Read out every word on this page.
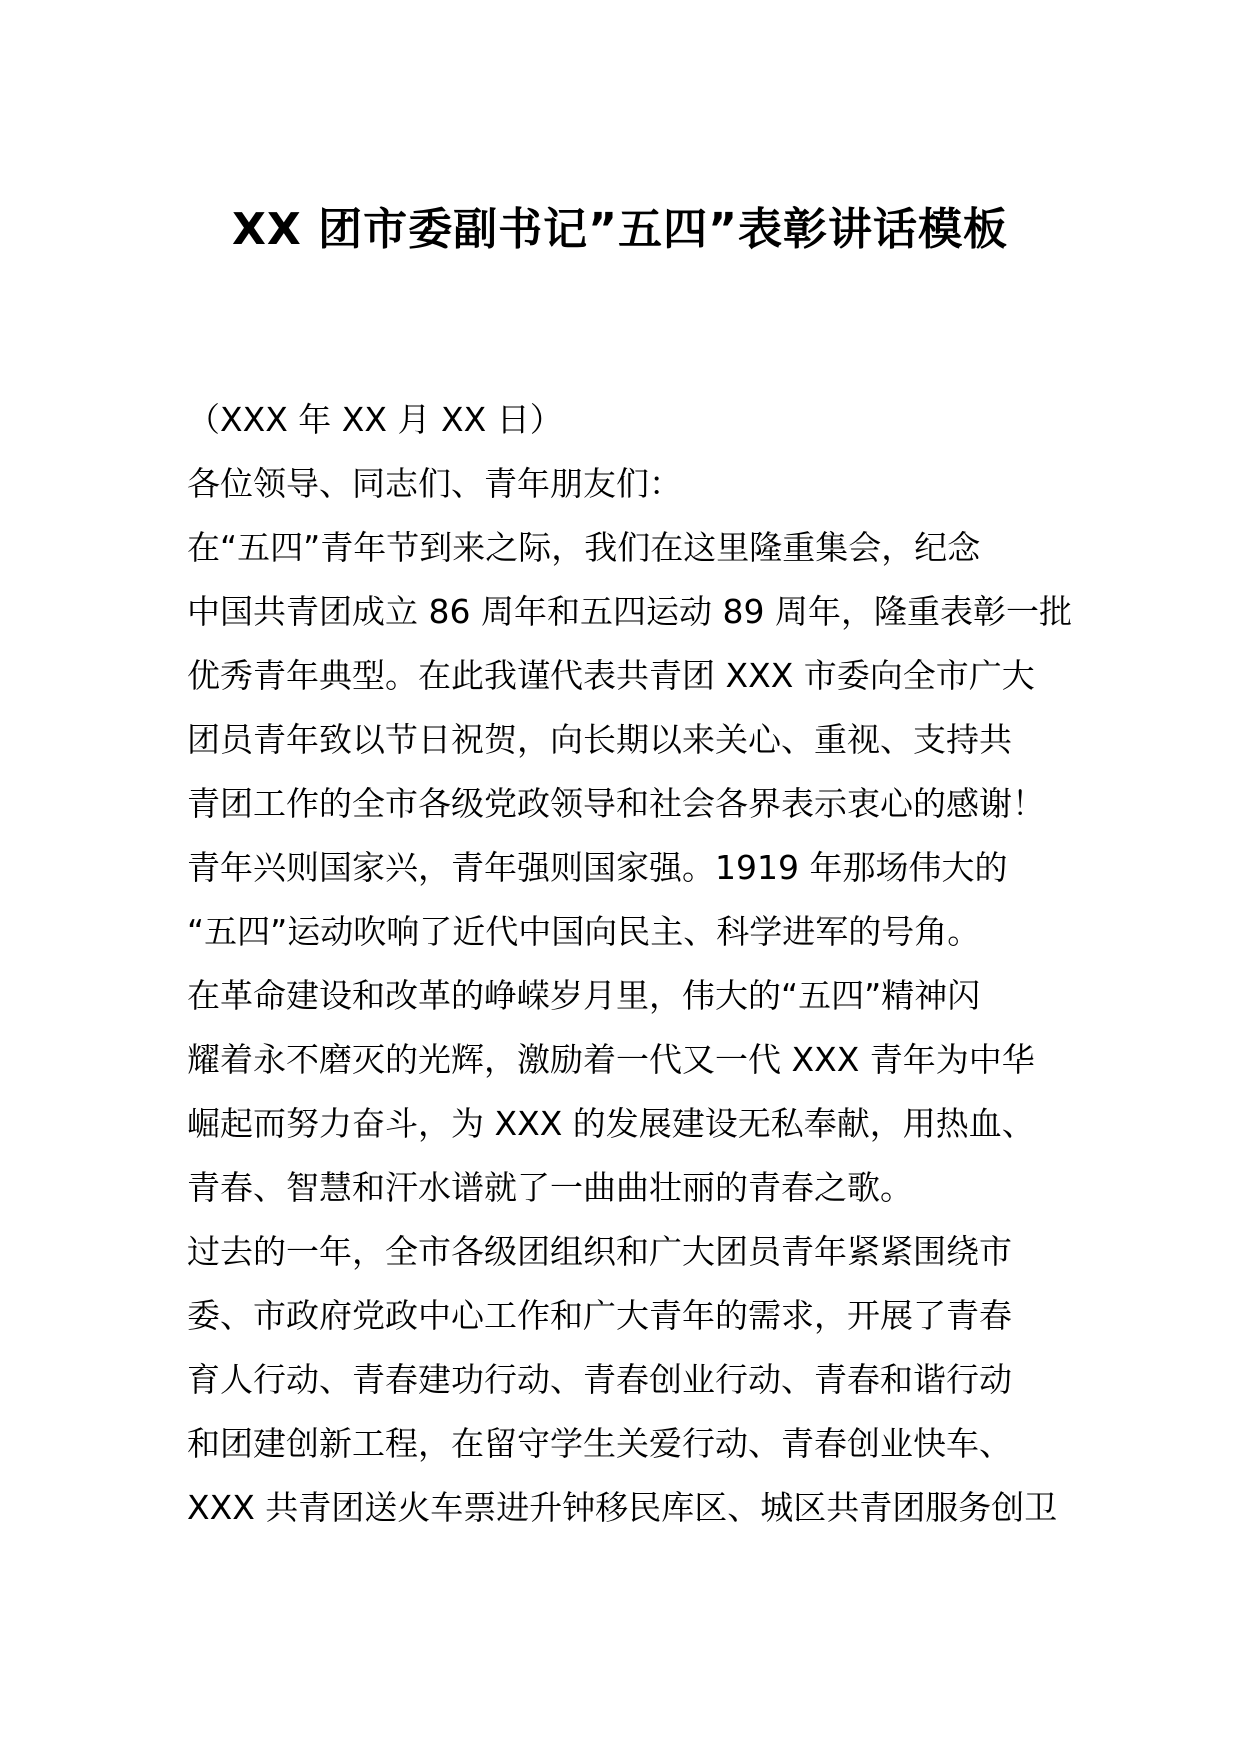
XX 团市委副书记”五四”表彰讲话模板
（XXX 年 XX 月 XX 日）
各位领导、同志们、青年朋友们：
在“五四”青年节到来之际，我们在这里隆重集会，纪念
中国共青团成立 86 周年和五四运动 89 周年，隆重表彰一批
优秀青年典型。在此我谨代表共青团 XXX 市委向全市广大
团员青年致以节日祝贺，向长期以来关心、重视、支持共
青团工作的全市各级党政领导和社会各界表示衷心的感谢！
青年兴则国家兴，青年强则国家强。1919 年那场伟大的
“五四”运动吹响了近代中国向民主、科学进军的号角。
在革命建设和改革的峥嵘岁月里，伟大的“五四”精神闪
耀着永不磨灭的光辉，激励着一代又一代 XXX 青年为中华
崛起而努力奋斗，为 XXX 的发展建设无私奉献，用热血、
青春、智慧和汗水谱就了一曲曲壮丽的青春之歌。
过去的一年，全市各级团组织和广大团员青年紧紧围绕市
委、市政府党政中心工作和广大青年的需求，开展了青春
育人行动、青春建功行动、青春创业行动、青春和谐行动
和团建创新工程，在留守学生关爱行动、青春创业快车、
XXX 共青团送火车票进升钟移民库区、城区共青团服务创卫
